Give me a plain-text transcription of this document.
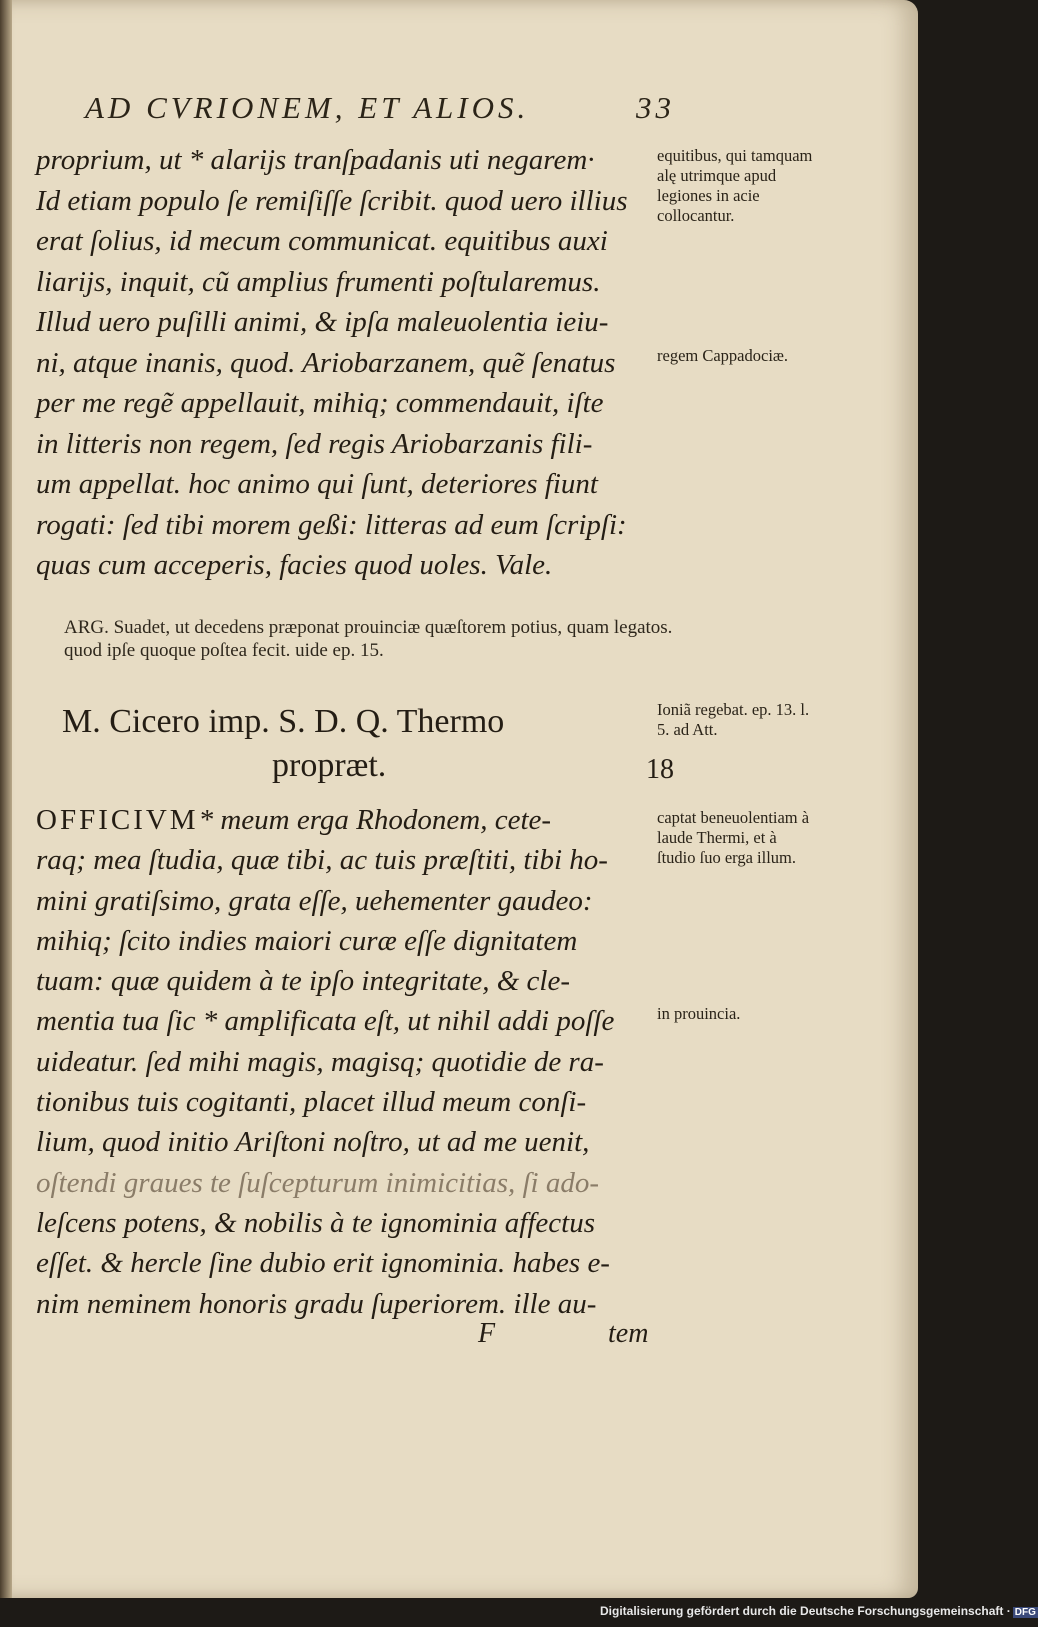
AD CVRIONEM, ET ALIOS.	33

proprium, ut * alarijs tranſpadanis uti negarem·

Id etiam populo ſe remiſiſſe ſcribit. quod uero illius

erat ſolius, id mecum communicat. equitibus auxi

liarijs, inquit, cũ amplius frumenti poſtularemus.

Illud uero puſilli animi, & ipſa maleuolentia ieiu-

ni, atque inanis, quod. Ariobarzanem, quẽ ſenatus

per me regẽ appellauit, mihiq; commendauit, iſte

in litteris non regem, ſed regis Ariobarzanis fili-

um appellat. hoc animo qui ſunt, deteriores fiunt

rogati: ſed tibi morem geßi: litteras ad eum ſcripſi:

quas cum acceperis, facies quod uoles. Vale.

ARG. Suadet, ut decedens præponat prouinciæ quæſtorem potius, quam legatos. quod ipſe quoque poſtea fecit. uide ep. 15.
M. Cicero imp. S. D. Q. Thermo
proprӕt.	18

OFFICIVM* meum erga Rhodonem, cete-

raq; mea ſtudia, quæ tibi, ac tuis præſtiti, tibi ho-

mini gratiſsimo, grata eſſe, uehementer gaudeo:

mihiq; ſcito indies maiori curæ eſſe dignitatem

tuam: quæ quidem à te ipſo integritate, & cle-

mentia tua ſic * amplificata eſt, ut nihil addi poſſe

uideatur. ſed mihi magis, magisq; quotidie de ra-

tionibus tuis cogitanti, placet illud meum conſi-

lium, quod initio Ariſtoni noſtro, ut ad me uenit,

oſtendi graues te ſuſcepturum inimicitias, ſi ado-

leſcens potens, & nobilis à te ignominia affectus

eſſet. & hercle ſine dubio erit ignominia. habes e-

nim neminem honoris gradu ſuperiorem. ille au-

F	tem
equitibus, qui tamquam alę utrimque apud legiones in acie collocantur.
regem Cappadociæ.
Ioniã regebat. ep. 13. l. 5. ad Att.
captat beneuolentiam à laude Thermi, et à ſtudio ſuo erga illum.
in prouincia.
Digitalisierung gefördert durch die Deutsche Forschungsgemeinschaft · DFG
